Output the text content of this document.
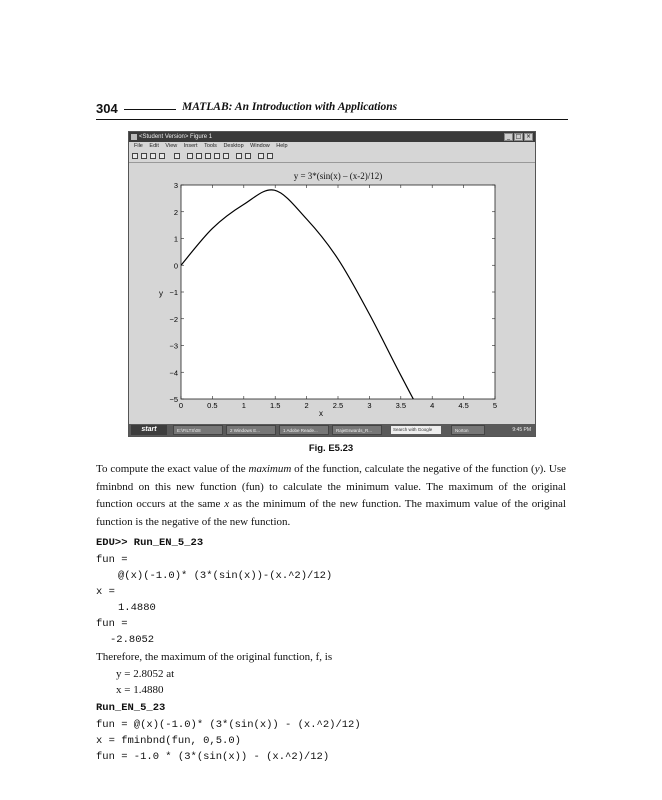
304	MATLAB: An Introduction with Applications
<Student Version> Figure 1	_ □ ×
File Edit View Insert Tools Desktop Window Help
y = 3*(sin(x) – (x-2)/12)
0	0.5	1	1.5	2	2.5	3	3.5	4	4.5	5
3
2
1
0
−1
−2
−3
−4
−5
x
y
start	E:\FILTS\08	2 Windows E...	1 Adobe Reade...	RajeEswards_R...	Search with Google	Norton	9:45 PM
Fig. E5.23
To compute the exact value of the maximum of the function, calculate the negative of the function (y). Use fminbnd on this new function (fun) to calculate the minimum value. The maximum of the original function occurs at the same x as the minimum of the new function. The maximum value of the original function is the negative of the new function.
EDU>> Run_EN_5_23
fun =
@(x)(-1.0)* (3*(sin(x))-(x.^2)/12)
x =
1.4880
fun =
-2.8052
Therefore, the maximum of the original function, f, is
y = 2.8052 at
x = 1.4880
Run_EN_5_23
fun = @(x)(-1.0)* (3*(sin(x)) - (x.^2)/12)
x = fminbnd(fun, 0,5.0)
fun = -1.0 * (3*(sin(x)) - (x.^2)/12)
